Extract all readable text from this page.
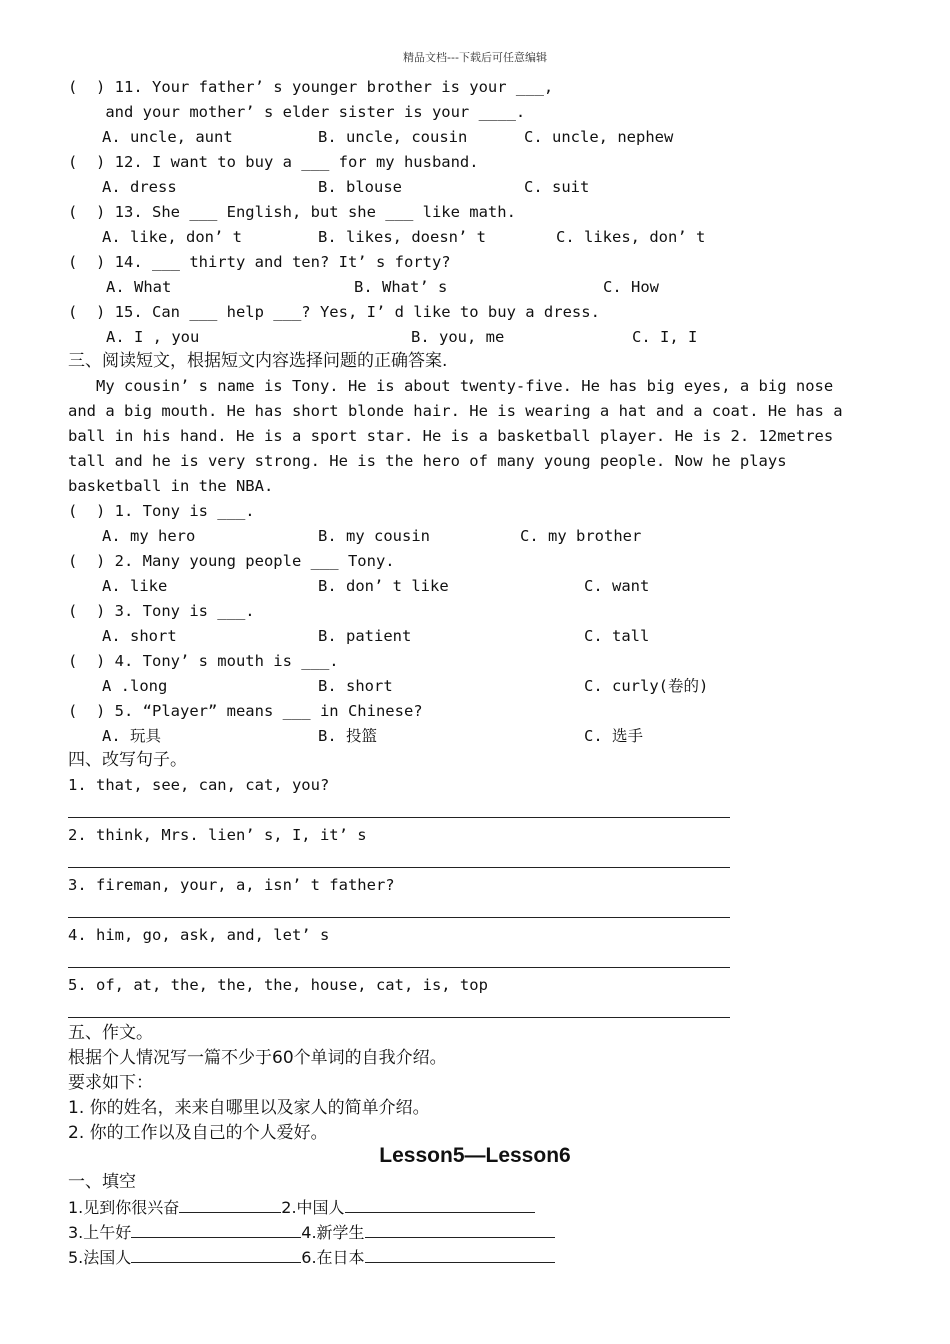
精品文档---下载后可任意编辑
(  ) 11. Your father’ s younger brother is your ___,
and your mother’ s elder sister is your ____.
A. uncle, aunt	B. uncle, cousin	C. uncle, nephew
(  ) 12. I want to buy a ___ for my husband.
A. dress	B. blouse	C. suit
(  ) 13. She ___ English, but she ___ like math.
A. like, don’ t	B. likes, doesn’ t	C. likes, don’ t
(  ) 14. ___ thirty and ten? It’ s forty?
A. What	B. What’ s	C. How
(  ) 15. Can ___ help ___? Yes, I’ d like to buy a dress.
A. I , you	B. you, me	C. I, I
三、阅读短文，根据短文内容选择问题的正确答案.
My cousin’ s name is Tony. He is about twenty-five. He has big eyes, a big nose
and a big mouth. He has short blonde hair. He is wearing a hat and a coat. He has a
ball in his hand. He is a sport star. He is a basketball player. He is 2. 12metres
tall and he is very strong. He is the hero of many young people. Now he plays
basketball in the NBA.
(  ) 1. Tony is ___.
A. my hero	B. my cousin	C. my brother
(  ) 2. Many young people ___ Tony.
A. like	B. don’ t like	C. want
(  ) 3. Tony is ___.
A. short	B. patient	C. tall
(  ) 4. Tony’ s mouth is ___.
A .long	B. short	C. curly(卷的)
(  ) 5. “Player” means ___ in Chinese?
A. 玩具	B. 投篮	C. 选手
四、改写句子。
1. that, see, can, cat, you?
2. think, Mrs. lien’ s, I, it’ s
3. fireman, your, a, isn’ t father?
4. him, go, ask, and, let’ s
5. of, at, the, the, the, house, cat, is, top
五、作文。
根据个人情况写一篇不少于60个单词的自我介绍。
要求如下：
1. 你的姓名，来来自哪里以及家人的简单介绍。
2. 你的工作以及自己的个人爱好。
Lesson5—Lesson6
一、填空
1.见到你很兴奋	2.中国人
3.上午好	4.新学生
5.法国人	6.在日本
